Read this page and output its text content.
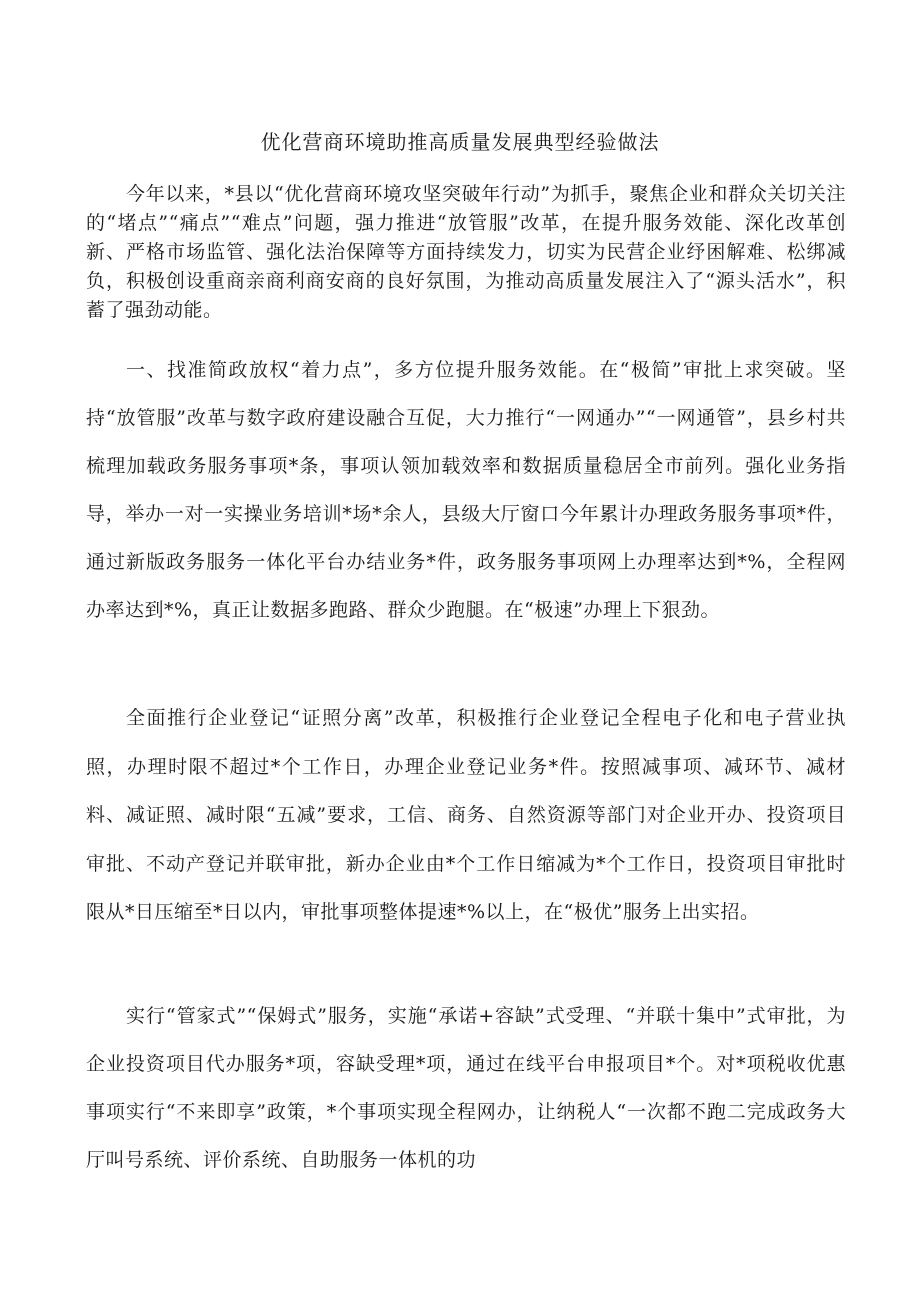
优化营商环境助推高质量发展典型经验做法

今年以来，*县以“优化营商环境攻坚突破年行动”为抓手，聚焦企业和群众关切关注的“堵点”“痛点”“难点”问题，强力推进“放管服”改革，在提升服务效能、深化改革创新、严格市场监管、强化法治保障等方面持续发力，切实为民营企业纾困解难、松绑减负，积极创设重商亲商利商安商的良好氛围，为推动高质量发展注入了“源头活水”，积蓄了强劲动能。

一、找准简政放权“着力点”，多方位提升服务效能。在“极简”审批上求突破。坚持“放管服”改革与数字政府建设融合互促，大力推行“一网通办”“一网通管”，县乡村共梳理加载政务服务事项*条，事项认领加载效率和数据质量稳居全市前列。强化业务指导，举办一对一实操业务培训*场*余人，县级大厅窗口今年累计办理政务服务事项*件，通过新版政务服务一体化平台办结业务*件，政务服务事项网上办理率达到*%，全程网办率达到*%，真正让数据多跑路、群众少跑腿。在“极速”办理上下狠劲。

全面推行企业登记“证照分离”改革，积极推行企业登记全程电子化和电子营业执照，办理时限不超过*个工作日，办理企业登记业务*件。按照减事项、减环节、减材料、减证照、减时限“五减”要求，工信、商务、自然资源等部门对企业开办、投资项目审批、不动产登记并联审批，新办企业由*个工作日缩减为*个工作日，投资项目审批时限从*日压缩至*日以内，审批事项整体提速*%以上，在“极优”服务上出实招。

实行“管家式”“保姆式”服务，实施“承诺+容缺”式受理、“并联十集中”式审批，为企业投资项目代办服务*项，容缺受理*项，通过在线平台申报项目*个。对*项税收优惠事项实行“不来即享”政策，*个事项实现全程网办，让纳税人“一次都不跑二完成政务大厅叫号系统、评价系统、自助服务一体机的功
